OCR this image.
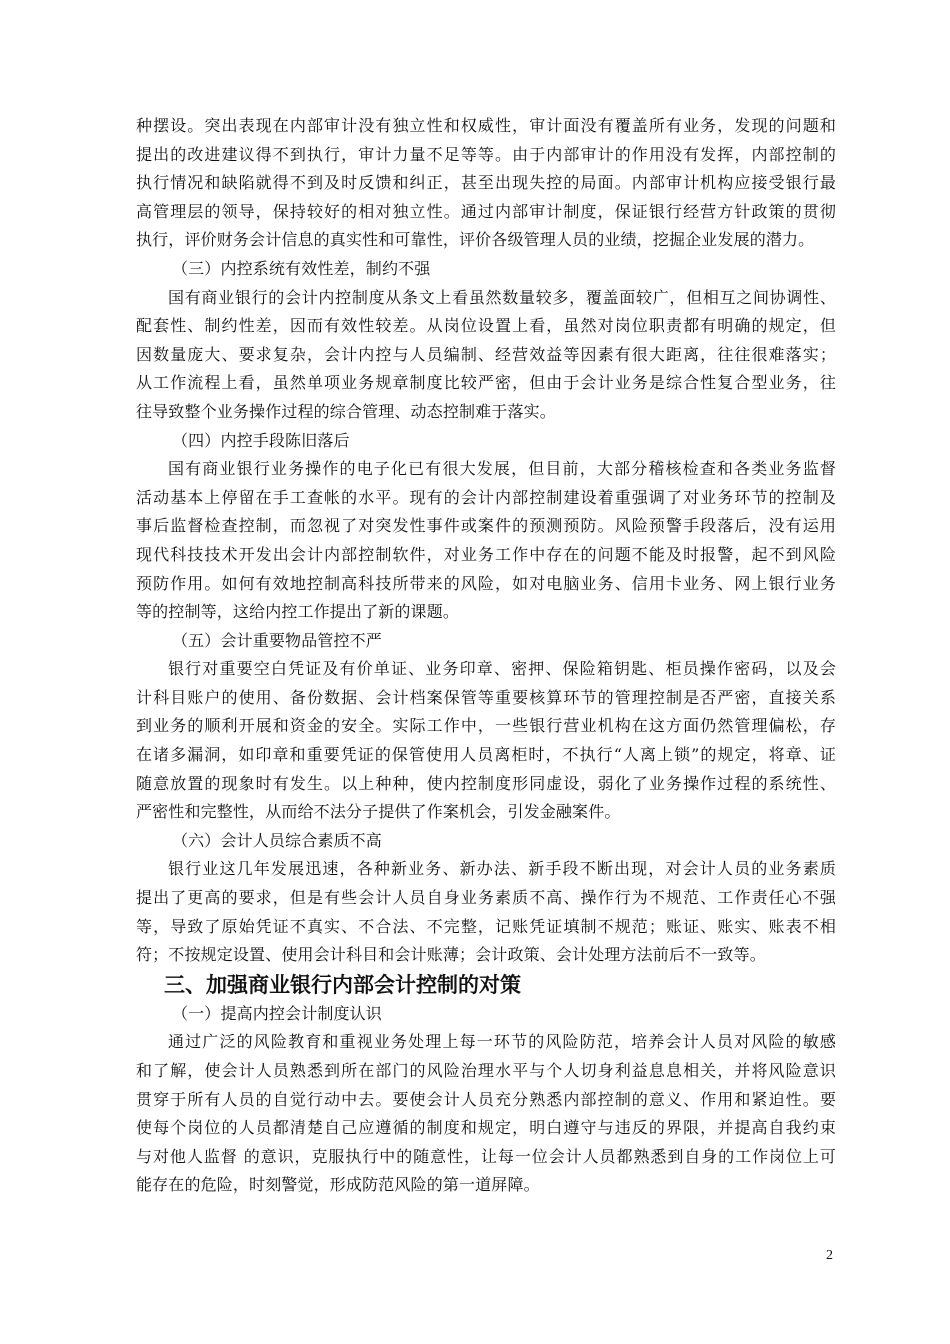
种摆设。突出表现在内部审计没有独立性和权威性，审计面没有覆盖所有业务，发现的问题和
提出的改进建议得不到执行，审计力量不足等等。由于内部审计的作用没有发挥，内部控制的
执行情况和缺陷就得不到及时反馈和纠正，甚至出现失控的局面。内部审计机构应接受银行最
高管理层的领导，保持较好的相对独立性。通过内部审计制度，保证银行经营方针政策的贯彻
执行，评价财务会计信息的真实性和可靠性，评价各级管理人员的业绩，挖掘企业发展的潜力。
（三）内控系统有效性差，制约不强
国有商业银行的会计内控制度从条文上看虽然数量较多，覆盖面较广，但相互之间协调性、
配套性、制约性差，因而有效性较差。从岗位设置上看，虽然对岗位职责都有明确的规定，但
因数量庞大、要求复杂，会计内控与人员编制、经营效益等因素有很大距离，往往很难落实；
从工作流程上看，虽然单项业务规章制度比较严密，但由于会计业务是综合性复合型业务，往
往导致整个业务操作过程的综合管理、动态控制难于落实。
（四）内控手段陈旧落后
国有商业银行业务操作的电子化已有很大发展，但目前，大部分稽核检查和各类业务监督
活动基本上停留在手工查帐的水平。现有的会计内部控制建设着重强调了对业务环节的控制及
事后监督检查控制，而忽视了对突发性事件或案件的预测预防。风险预警手段落后，没有运用
现代科技技术开发出会计内部控制软件，对业务工作中存在的问题不能及时报警，起不到风险
预防作用。如何有效地控制高科技所带来的风险，如对电脑业务、信用卡业务、网上银行业务
等的控制等，这给内控工作提出了新的课题。
（五）会计重要物品管控不严
银行对重要空白凭证及有价单证、业务印章、密押、保险箱钥匙、柜员操作密码，以及会
计科目账户的使用、备份数据、会计档案保管等重要核算环节的管理控制是否严密，直接关系
到业务的顺利开展和资金的安全。实际工作中，一些银行营业机构在这方面仍然管理偏松，存
在诸多漏洞，如印章和重要凭证的保管使用人员离柜时，不执行“人离上锁”的规定，将章、证
随意放置的现象时有发生。以上种种，使内控制度形同虚设，弱化了业务操作过程的系统性、
严密性和完整性，从而给不法分子提供了作案机会，引发金融案件。
（六）会计人员综合素质不高
银行业这几年发展迅速，各种新业务、新办法、新手段不断出现，对会计人员的业务素质
提出了更高的要求，但是有些会计人员自身业务素质不高、操作行为不规范、工作责任心不强
等，导致了原始凭证不真实、不合法、不完整，记账凭证填制不规范；账证、账实、账表不相
符；不按规定设置、使用会计科目和会计账薄；会计政策、会计处理方法前后不一致等。
三、加强商业银行内部会计控制的对策
（一）提高内控会计制度认识
通过广泛的风险教育和重视业务处理上每一环节的风险防范，培养会计人员对风险的敏感
和了解，使会计人员熟悉到所在部门的风险治理水平与个人切身利益息息相关，并将风险意识
贯穿于所有人员的自觉行动中去。要使会计人员充分熟悉内部控制的意义、作用和紧迫性。要
使每个岗位的人员都清楚自己应遵循的制度和规定，明白遵守与违反的界限，并提高自我约束
与对他人监督 的意识，克服执行中的随意性，让每一位会计人员都熟悉到自身的工作岗位上可
能存在的危险，时刻警觉，形成防范风险的第一道屏障。
2
